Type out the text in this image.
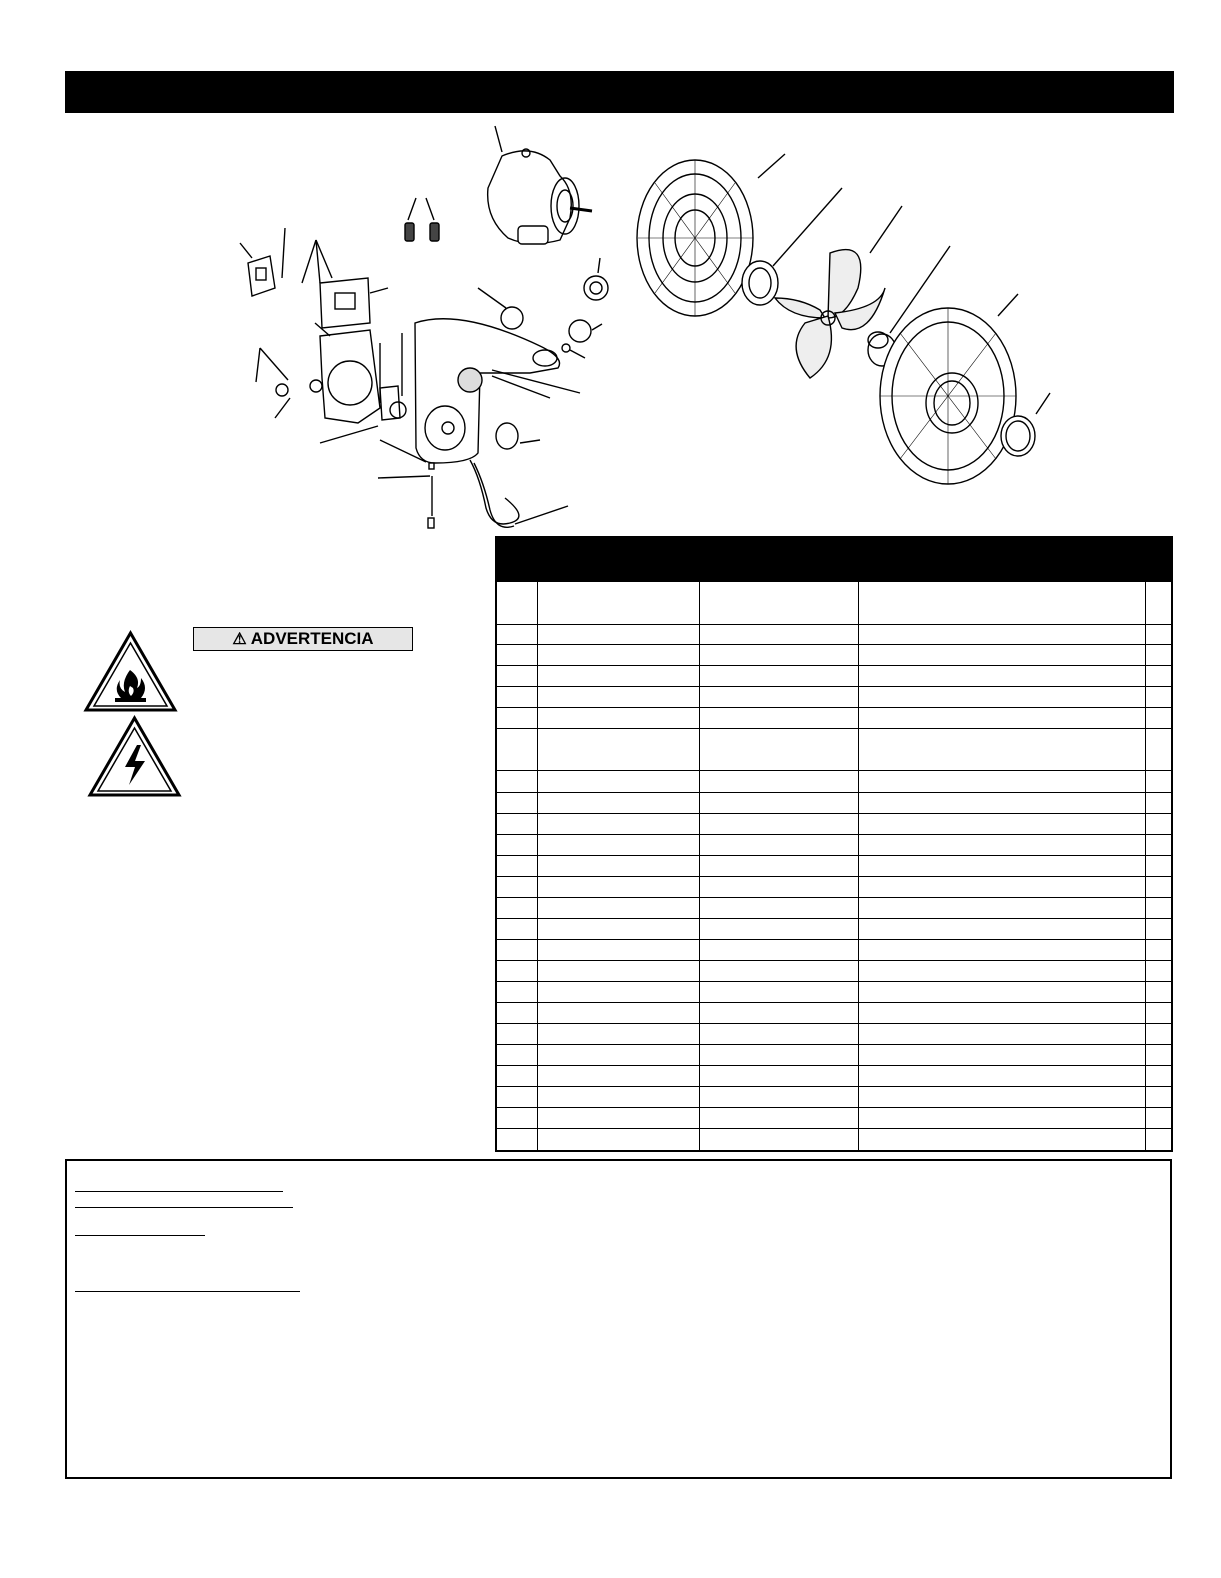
⚠ ADVERTENCIA
